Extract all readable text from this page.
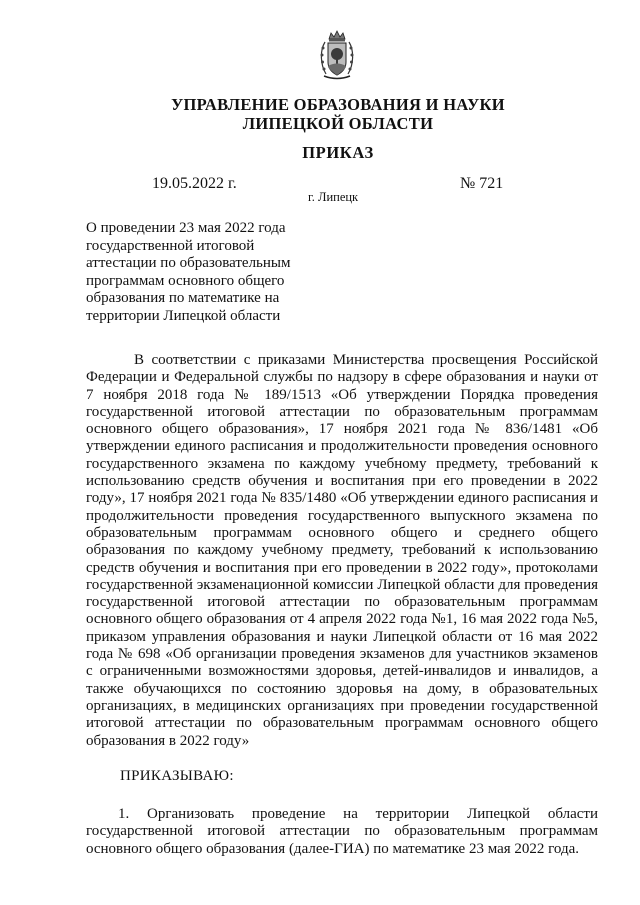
УПРАВЛЕНИЕ ОБРАЗОВАНИЯ И НАУКИ
ЛИПЕЦКОЙ ОБЛАСТИ
ПРИКАЗ
19.05.2022 г.	№ 721
г. Липецк
О проведении 23 мая 2022 года
государственной итоговой
аттестации по образовательным
программам основного общего
образования по математике на
территории Липецкой области

В соответствии с приказами Министерства просвещения Российской Федерации и Федеральной службы по надзору в сфере образования и науки от 7 ноября 2018 года № 189/1513 «Об утверждении Порядка проведения государственной итоговой аттестации по образовательным программам основного общего образования», 17 ноября 2021 года № 836/1481 «Об утверждении единого расписания и продолжительности проведения основного государственного экзамена по каждому учебному предмету, требований к использованию средств обучения и воспитания при его проведении в 2022 году», 17 ноября 2021 года № 835/1480 «Об утверждении единого расписания и продолжительности проведения государственного выпускного экзамена по образовательным программам основного общего и среднего общего образования по каждому учебному предмету, требований к использованию средств обучения и воспитания при его проведении в 2022 году», протоколами государственной экзаменационной комиссии Липецкой области для проведения государственной итоговой аттестации по образовательным программам основного общего образования от 4 апреля 2022 года №1, 16 мая 2022 года №5, приказом управления образования и науки Липецкой области от 16 мая 2022 года № 698 «Об организации проведения экзаменов для участников экзаменов с ограниченными возможностями здоровья, детей-инвалидов и инвалидов, а также обучающихся по состоянию здоровья на дому, в образовательных организациях, в медицинских организациях при проведении государственной итоговой аттестации по образовательным программам основного общего образования в 2022 году»

ПРИКАЗЫВАЮ:

1. Организовать проведение на территории Липецкой области государственной итоговой аттестации по образовательным программам основного общего образования (далее-ГИА) по математике 23 мая 2022 года.
